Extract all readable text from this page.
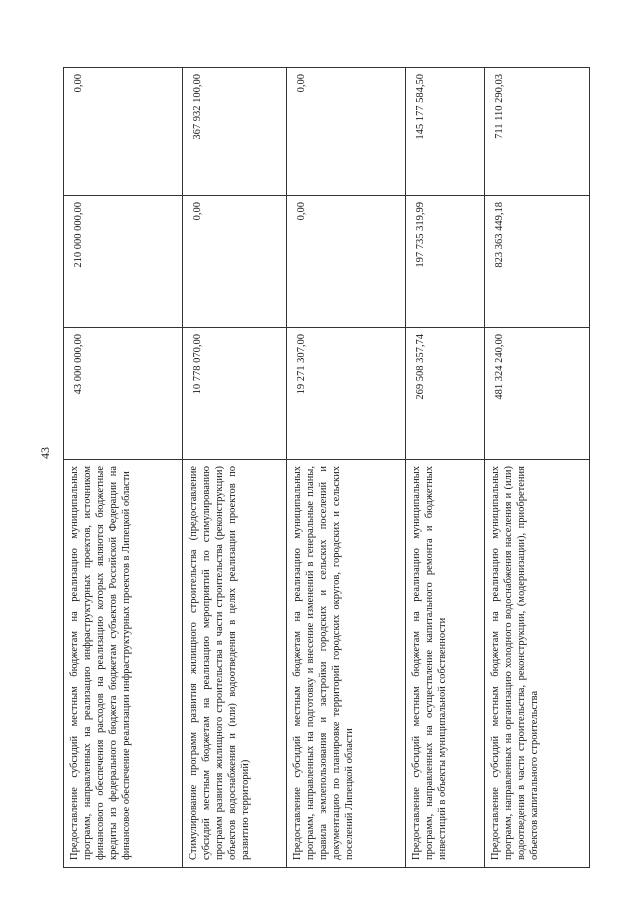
43
Предоставление субсидий местным бюджетам на реализацию муниципальных программ, направленных на реализацию инфраструктурных проектов, источником финансового обеспечения расходов на реализацию которых являются бюджетные кредиты из федерального бюджета бюджетам субъектов Российской Федерации на финансовое обеспечение реализации инфраструктурных проектов в Липецкой области	43 000 000,00	210 000 000,00	0,00
Стимулирование программ развития жилищного строительства (предоставление субсидий местным бюджетам на реализацию мероприятий по стимулированию программ развития жилищного строительства в части строительства (реконструкции) объектов водоснабжения и (или) водоотведения в целях реализации проектов по развитию территорий)	10 778 070,00	0,00	367 932 100,00
Предоставление субсидий местным бюджетам на реализацию муниципальных программ, направленных на подготовку и внесение изменений в генеральные планы, правила землепользования и застройки городских и сельских поселений и документацию по планировке территорий городских округов, городских и сельских поселений Липецкой области	19 271 307,00	0,00	0,00
Предоставление субсидий местным бюджетам на реализацию муниципальных программ, направленных на осуществление капитального ремонта и бюджетных инвестиций в объекты муниципальной собственности	269 508 357,74	197 735 319,99	145 177 584,50
Предоставление субсидий местным бюджетам на реализацию муниципальных программ, направленных на организацию холодного водоснабжения населения и (или) водоотведения в части строительства, реконструкции, (модернизации), приобретения объектов капитального строительства	481 324 240,00	823 363 449,18	711 110 290,03
